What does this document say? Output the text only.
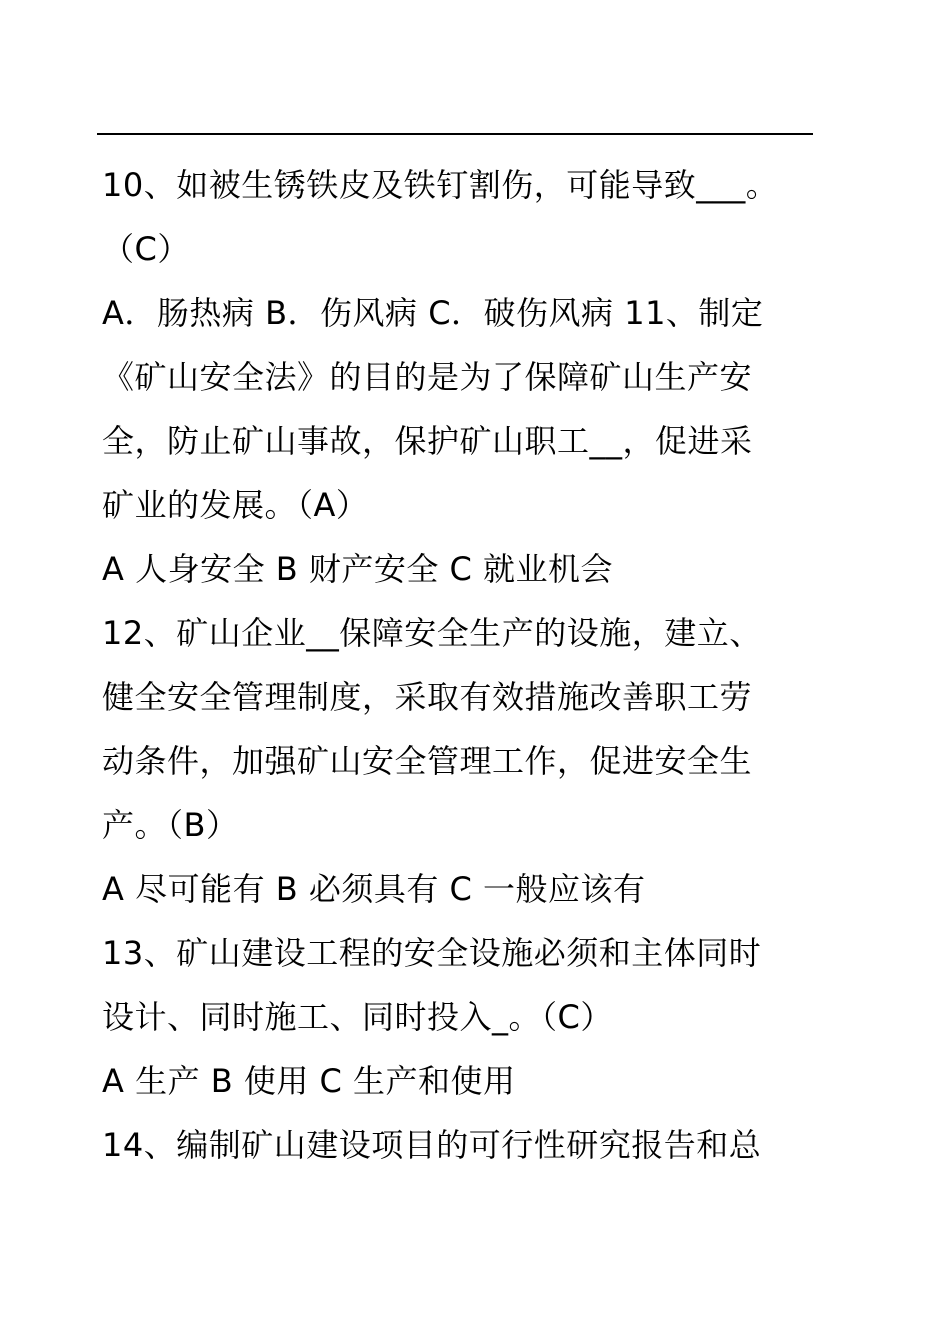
10、如被生锈铁皮及铁钉割伤，可能导致___。
（C）
A．肠热病 B．伤风病 C．破伤风病 11、制定
《矿山安全法》的目的是为了保障矿山生产安
全，防止矿山事故，保护矿山职工__，促进采
矿业的发展。（A）
A 人身安全 B 财产安全 C 就业机会
12、矿山企业__保障安全生产的设施，建立、
健全安全管理制度，采取有效措施改善职工劳
动条件，加强矿山安全管理工作，促进安全生
产。（B）
A 尽可能有 B 必须具有 C 一般应该有
13、矿山建设工程的安全设施必须和主体同时
设计、同时施工、同时投入_。（C）
A 生产 B 使用 C 生产和使用
14、编制矿山建设项目的可行性研究报告和总
